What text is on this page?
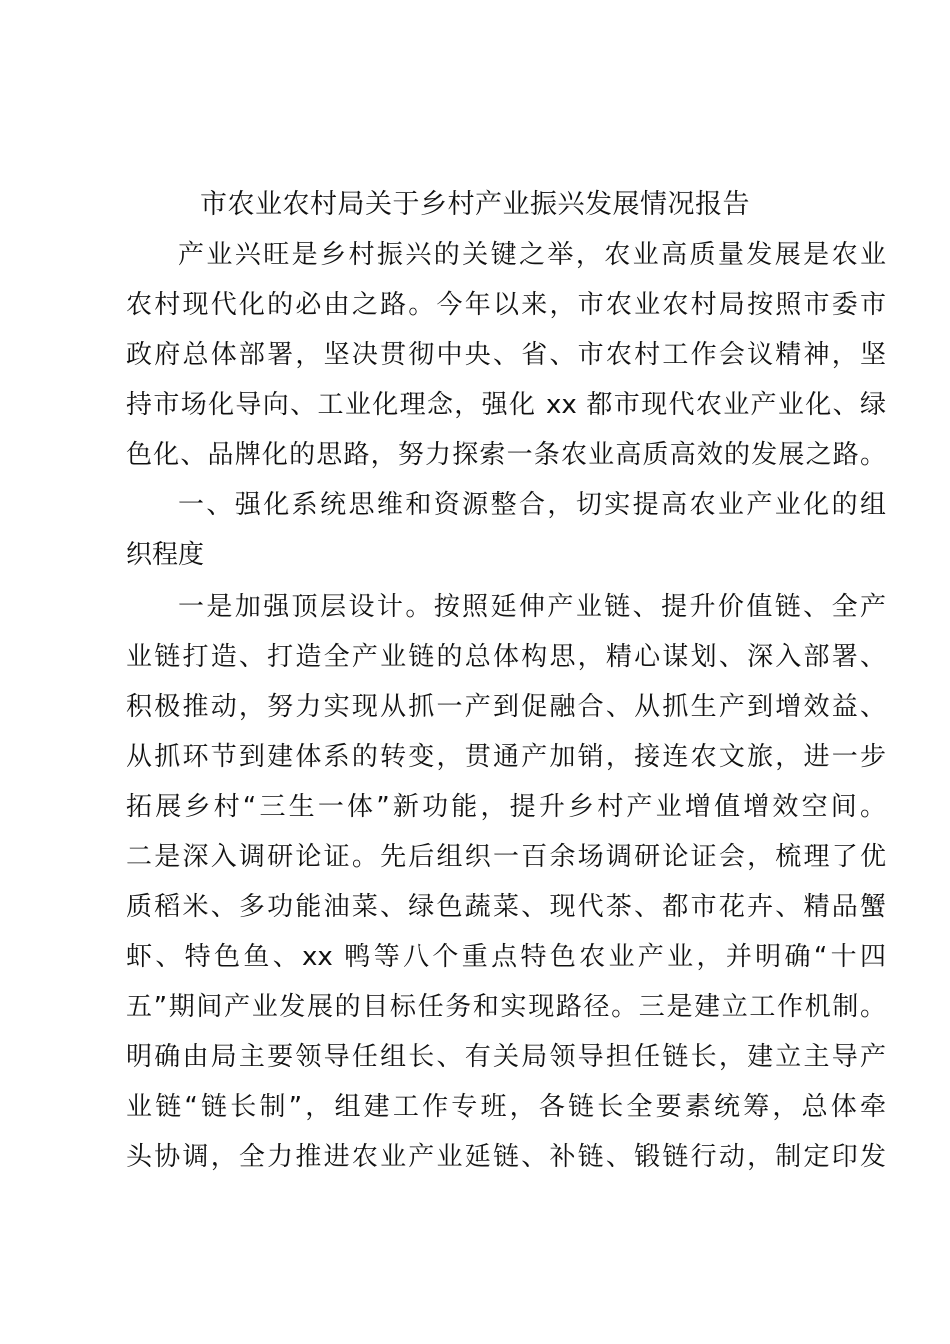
市农业农村局关于乡村产业振兴发展情况报告

产业兴旺是乡村振兴的关键之举，农业高质量发展是农业

农村现代化的必由之路。今年以来，市农业农村局按照市委市

政府总体部署，坚决贯彻中央、省、市农村工作会议精神，坚

持市场化导向、工业化理念，强化 xx 都市现代农业产业化、绿

色化、品牌化的思路，努力探索一条农业高质高效的发展之路。

一、强化系统思维和资源整合，切实提高农业产业化的组

织程度

一是加强顶层设计。按照延伸产业链、提升价值链、全产

业链打造、打造全产业链的总体构思，精心谋划、深入部署、

积极推动，努力实现从抓一产到促融合、从抓生产到增效益、

从抓环节到建体系的转变，贯通产加销，接连农文旅，进一步

拓展乡村“三生一体”新功能，提升乡村产业增值增效空间。

二是深入调研论证。先后组织一百余场调研论证会，梳理了优

质稻米、多功能油菜、绿色蔬菜、现代茶、都市花卉、精品蟹

虾、特色鱼、xx 鸭等八个重点特色农业产业，并明确“十四

五”期间产业发展的目标任务和实现路径。三是建立工作机制。

明确由局主要领导任组长、有关局领导担任链长，建立主导产

业链“链长制”，组建工作专班，各链长全要素统筹，总体牵

头协调，全力推进农业产业延链、补链、锻链行动，制定印发
